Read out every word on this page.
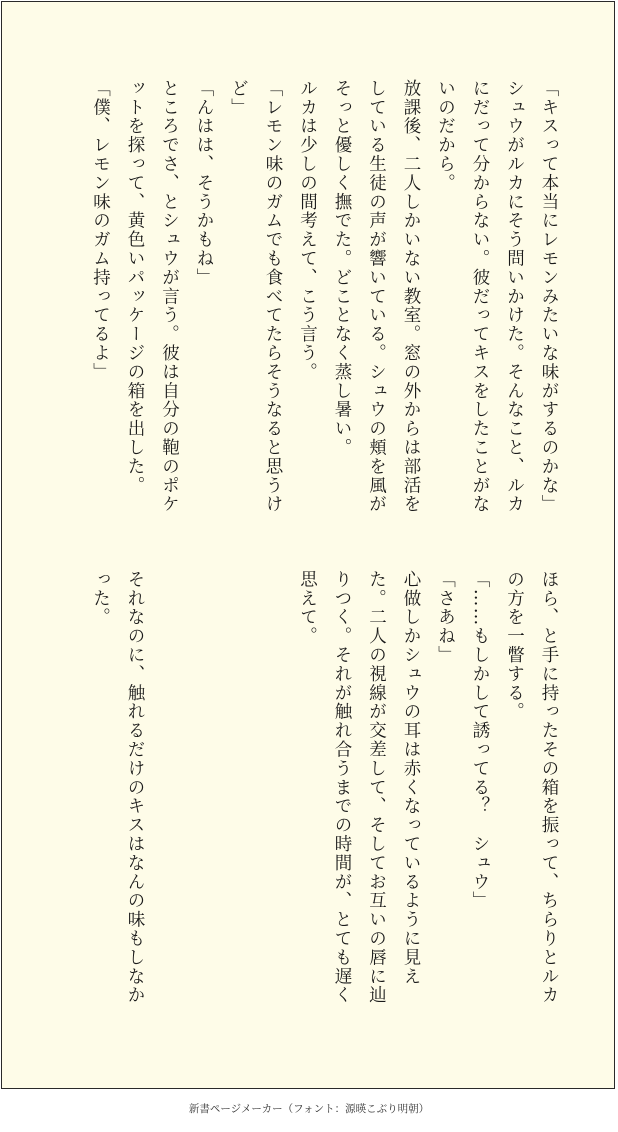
「キスって本当にレモンみたいな味がするのかな」

シュウがルカにそう問いかけた。そんなこと、ルカにだって分からない。彼だってキスをしたことがないのだから。

放課後、二人しかいない教室。窓の外からは部活をしている生徒の声が響いている。シュウの頬を風がそっと優しく撫でた。どことなく蒸し暑い。

ルカは少しの間考えて、こう言う。

「レモン味のガムでも食べてたらそうなると思うけど」

「んはは、そうかもね」

ところでさ、とシュウが言う。彼は自分の鞄のポケットを探って、黄色いパッケージの箱を出した。

「僕、レモン味のガム持ってるよ」

ほら、と手に持ったその箱を振って、ちらりとルカの方を一瞥する。

「……もしかして誘ってる？　シュウ」

「さあね」

心做しかシュウの耳は赤くなっているように見えた。二人の視線が交差して、そしてお互いの唇に辿りつく。それが触れ合うまでの時間が、とても遅く思えて。

それなのに、触れるだけのキスはなんの味もしなかった。

新書ページメーカー（フォント：源暎こぶり明朝）
